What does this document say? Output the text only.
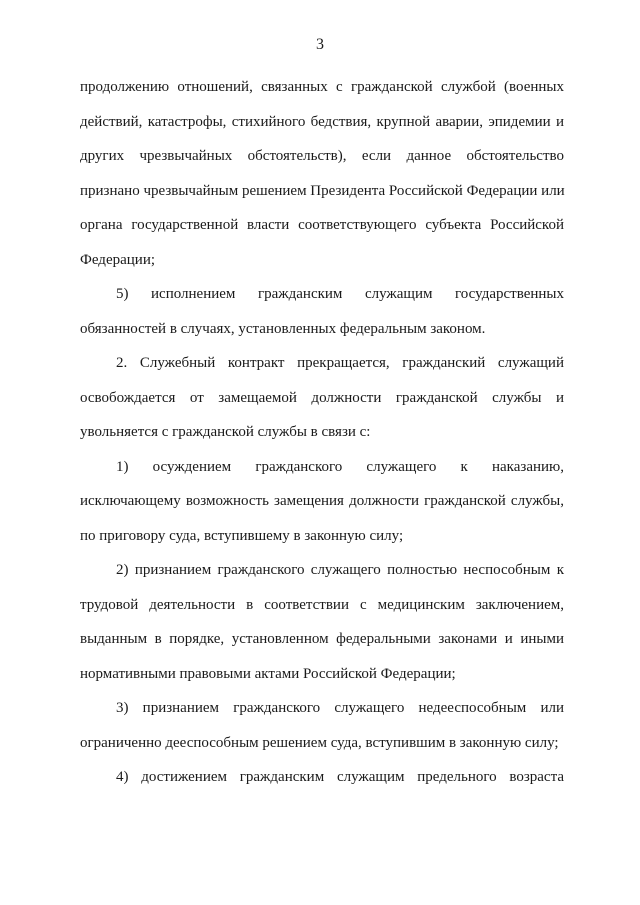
3
продолжению отношений, связанных с гражданской службой (военных
действий, катастрофы, стихийного бедствия, крупной аварии, эпидемии и
других чрезвычайных обстоятельств), если данное обстоятельство
признано чрезвычайным решением Президента Российской Федерации или
органа государственной власти соответствующего субъекта Российской
Федерации;
5) исполнением гражданским служащим государственных
обязанностей в случаях, установленных федеральным законом.
2. Служебный контракт прекращается, гражданский служащий
освобождается от замещаемой должности гражданской службы и
увольняется с гражданской службы в связи с:
1) осуждением гражданского служащего к наказанию,
исключающему возможность замещения должности гражданской службы,
по приговору суда, вступившему в законную силу;
2) признанием гражданского служащего полностью неспособным к
трудовой деятельности в соответствии с медицинским заключением,
выданным в порядке, установленном федеральными законами и иными
нормативными правовыми актами Российской Федерации;
3) признанием гражданского служащего недееспособным или
ограниченно дееспособным решением суда, вступившим в законную силу;
4) достижением гражданским служащим предельного возраста
